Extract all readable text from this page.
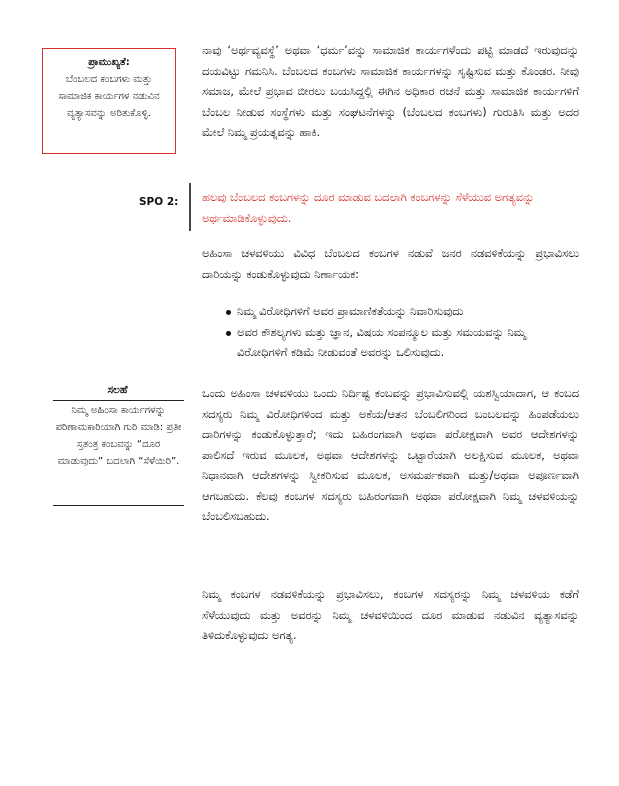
ಪ್ರಾಮುಖ್ಯತೆ:
ಬೆಂಬಲದ ಕಂಬಗಳು ಮತ್ತು ಸಾಮಾಜಿಕ ಕಾರ್ಯಗಳ ನಡುವಿನ ವ್ಯತ್ಯಾಸವನ್ನು ಅರಿತುಕೊಳ್ಳಿ.

ನಾವು ‘ಅರ್ಥವ್ಯವಸ್ಥೆ’ ಅಥವಾ ‘ಧರ್ಮ’ವನ್ನು ಸಾಮಾಜಿಕ ಕಾರ್ಯಗಳೆಂದು ಪಟ್ಟಿ ಮಾಡದೆ ಇರುವುದನ್ನು ದಯವಿಟ್ಟು ಗಮನಿಸಿ. ಬೆಂಬಲದ ಕಂಬಗಳು ಸಾಮಾಜಿಕ ಕಾರ್ಯಗಳನ್ನು ಸೃಷ್ಟಿಸುವ ಮತ್ತು ಕೊಂಡರ. ನೀವು ಸಮಾಜ, ಮೇಲೆ ಪ್ರಭಾವ ಬೀರಲು ಬಯಸಿದ್ದಲ್ಲಿ ಈಗಿನ ಅಧಿಕಾರ ರಚನೆ ಮತ್ತು ಸಾಮಾಜಿಕ ಕಾರ್ಯಗಳಿಗೆ ಬೆಂಬಲ ನೀಡುವ ಸಂಸ್ಥೆಗಳು ಮತ್ತು ಸಂಘಟನೆಗಳನ್ನು (ಬೆಂಬಲದ ಕಂಬಗಳು) ಗುರುತಿಸಿ ಮತ್ತು ಅದರ ಮೇಲೆ ನಿಮ್ಮ ಪ್ರಯತ್ನವನ್ನು ಹಾಕಿ.

SPO 2: ಹಲವು ಬೆಂಬಲದ ಕಂಬಗಳನ್ನು ದೂರ ಮಾಡುವ ಬದಲಾಗಿ ಕಂಬಗಳನ್ನು ಸೆಳೆಯುವ ಅಗತ್ಯವನ್ನು ಅರ್ಥಮಾಡಿಕೊಳ್ಳುವುದು.

ಅಹಿಂಸಾ ಚಳವಳಿಯು ವಿವಿಧ ಬೆಂಬಲದ ಕಂಬಗಳ ನಡುವೆ ಜನರ ನಡವಳಿಕೆಯನ್ನು ಪ್ರಭಾವಿಸಲು ದಾರಿಯನ್ನು ಕಂಡುಕೊಳ್ಳುವುದು ನಿರ್ಣಾಯಕ:

ನಿಮ್ಮ ವಿರೋಧಿಗಳಿಗೆ ಅವರ ಪ್ರಾಮಾಣಿಕತೆಯನ್ನು ನಿವಾರಿಸುವುದು
ಅವರ ಕೌಶಲ್ಯಗಳು ಮತ್ತು ಜ್ಞಾನ, ವಿಷಯ ಸಂಪನ್ಮೂಲ ಮತ್ತು ಸಮಯವನ್ನು ನಿಮ್ಮ ವಿರೋಧಿಗಳಿಗೆ ಕಡಿಮೆ ನೀಡುವಂತೆ ಅವರನ್ನು ಒಲಿಸುವುದು.
ಸಲಹೆ
ನಿಮ್ಮ ಅಹಿಂಸಾ ಕಾರ್ಯಗಳನ್ನು ಪರಿಣಾಮಕಾರಿಯಾಗಿ ಗುರಿ ಮಾಡಿ: ಪ್ರತೀ ಸ್ತತಂತ್ರ ಕಂಬವನ್ನು “ದೂರ ಮಾಡುವುದು” ಬದಲಾಗಿ “ಸೆಳೆಯಿರಿ”.

ಒಂದು ಅಹಿಂಸಾ ಚಳವಳಿಯು ಒಂದು ನಿರ್ದಿಷ್ಟ ಕಂಬವನ್ನು ಪ್ರಭಾವಿಸುವಲ್ಲಿ ಯಶಸ್ವಿಯಾದಾಗ, ಆ ಕಂಬದ ಸದಸ್ಯರು ನಿಮ್ಮ ವಿರೋಧಿಗಳಿಂದ ಮತ್ತು ಅಕೆಯ/ಆತನ ಬೆಂಬಲಿಗರಿಂದ ಬಂಬಲವನ್ನು ಹಿಂಪಡೆಯಲು ದಾರಿಗಳನ್ನು ಕಂಡುಕೊಳ್ಳುತ್ತಾರೆ; ಇದು ಬಹಿರಂಗವಾಗಿ ಅಥವಾ ಪರೋಕ್ಷವಾಗಿ ಅವರ ಆದೇಶಗಳನ್ನು ಪಾಲಿಸದೆ ಇರುವ ಮೂಲಕ, ಅಥವಾ ಆದೇಶಗಳನ್ನು ಒಟ್ಟಾರೆಯಾಗಿ ಅಲಕ್ಷಿಸುವ ಮೂಲಕ, ಅಥವಾ ನಿಧಾನವಾಗಿ ಆದೇಶಗಳನ್ನು ಸ್ವೀಕರಿಸುವ ಮೂಲಕ, ಅಸಮರ್ಪಕವಾಗಿ ಮತ್ತು/ಅಥವಾ ಅಪೂರ್ಣವಾಗಿ ಆಗಬಹುದು. ಕೆಲವು ಕಂಬಗಳ ಸದಸ್ಯರು ಬಹಿರಂಗವಾಗಿ ಅಥವಾ ಪರೋಕ್ಷವಾಗಿ ನಿಮ್ಮ ಚಳವಳಿಯನ್ನು ಬೆಂಬಲಿಸಬಹುದು.

ನಿಮ್ಮ ಕಂಬಗಳ ನಡವಳಿಕೆಯನ್ನು ಪ್ರಭಾವಿಸಲು, ಕಂಬಗಳ ಸದಸ್ಯರನ್ನು ನಿಮ್ಮ ಚಳವಳಿಯ ಕಡೆಗೆ ಸೆಳೆಯುವುದು ಮತ್ತು ಅವರನ್ನು ನಿಮ್ಮ ಚಳವಳಿಯಿಂದ ದೂರ ಮಾಡುವ ನಡುವಿನ ವ್ಯತ್ಯಾಸವನ್ನು ತಿಳಿದುಕೊಳ್ಳುವುದು ಅಗತ್ಯ.
